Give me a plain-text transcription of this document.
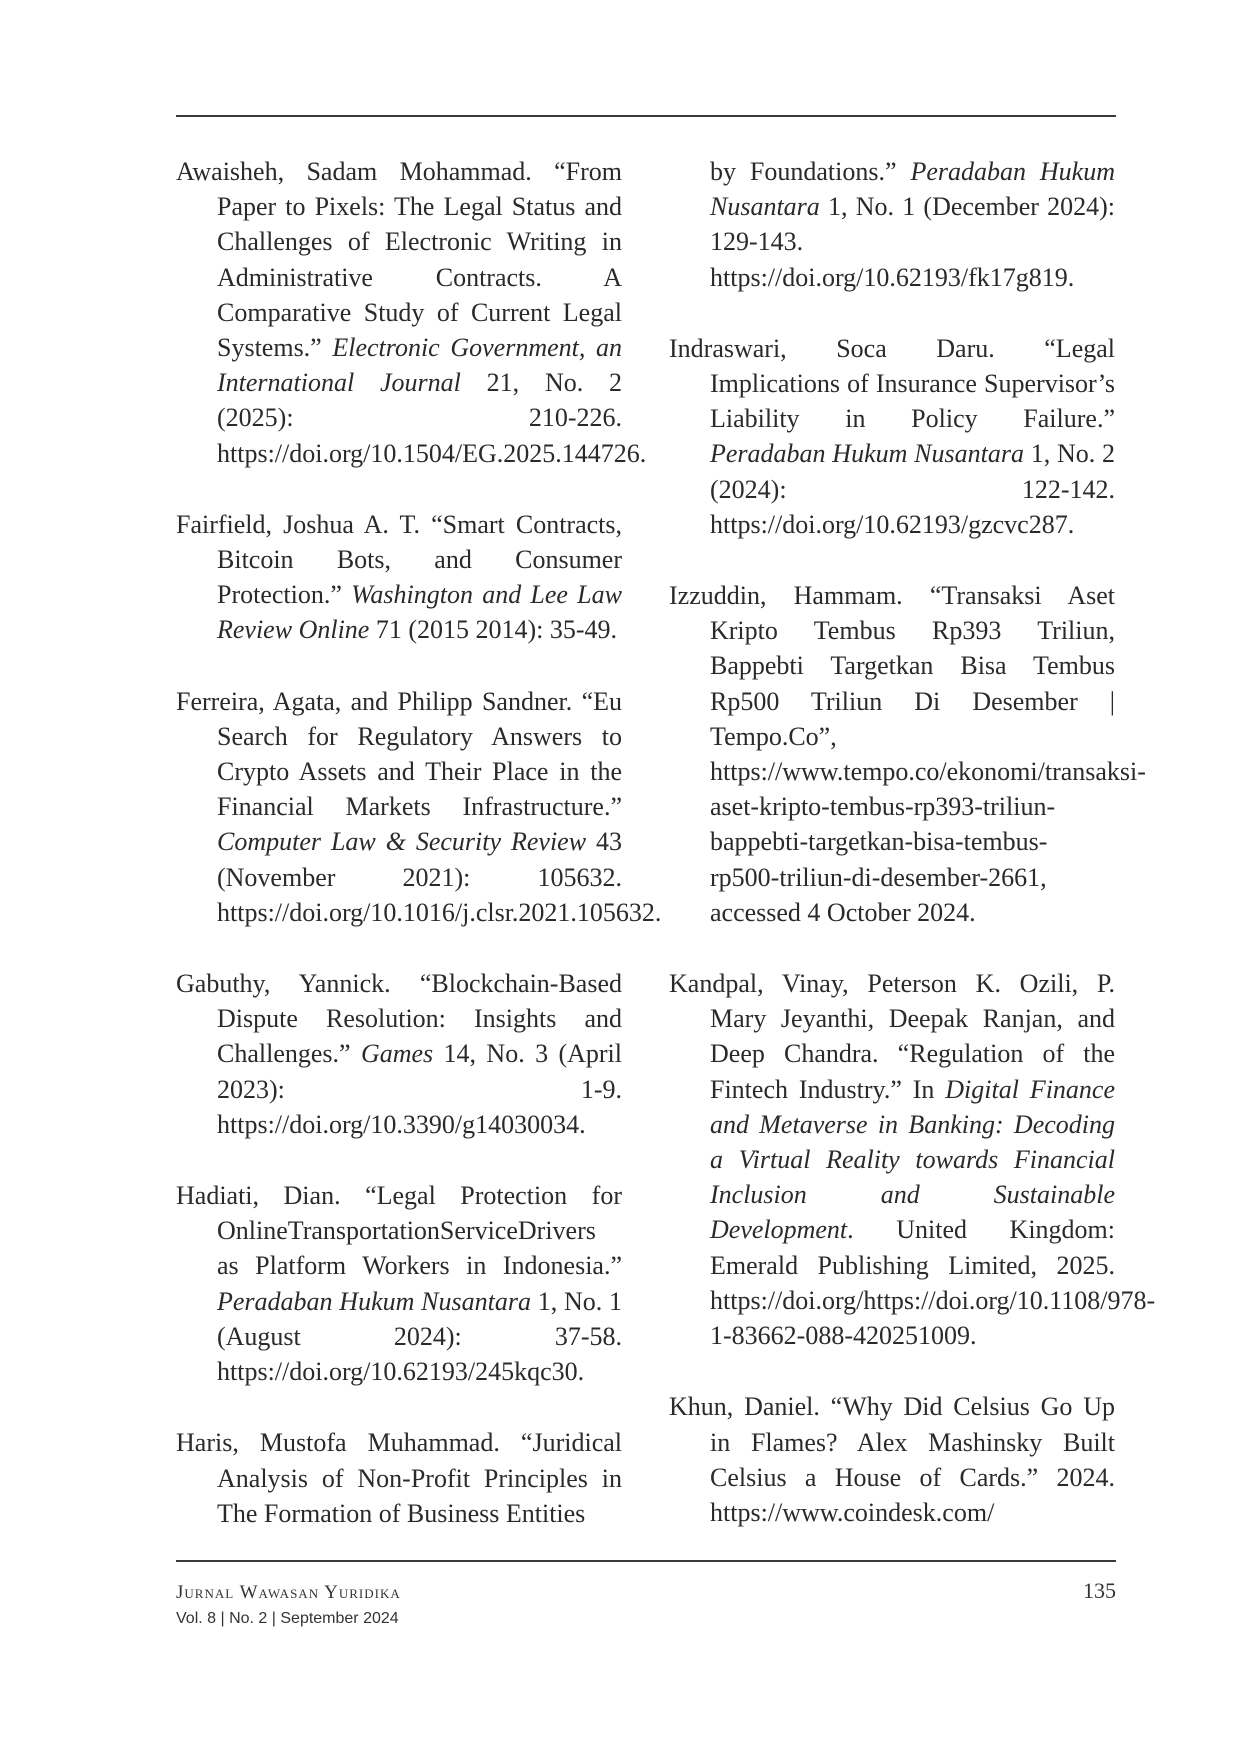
Awaisheh, Sadam Mohammad. “From Paper to Pixels: The Legal Status and Challenges of Electronic Writing in Administrative Contracts. A Comparative Study of Current Legal Systems.” Electronic Government, an International Journal 21, No. 2 (2025): 210-226. https://doi.org/10.1504/EG.2025.144726.

Fairfield, Joshua A. T. “Smart Contracts, Bitcoin Bots, and Consumer Protection.” Washington and Lee Law Review Online 71 (2015 2014): 35-49.

Ferreira, Agata, and Philipp Sandner. “Eu Search for Regulatory Answers to Crypto Assets and Their Place in the Financial Markets Infrastructure.” Computer Law & Security Review 43 (November 2021): 105632. https://doi.org/10.1016/j.clsr.2021.105632.

Gabuthy, Yannick. “Blockchain-Based Dispute Resolution: Insights and Challenges.” Games 14, No. 3 (April 2023): 1-9. https://doi.org/10.3390/g14030034.

Hadiati, Dian. “Legal Protection for OnlineTransportationServiceDrivers as Platform Workers in Indonesia.” Peradaban Hukum Nusantara 1, No. 1 (August 2024): 37-58. https://doi.org/10.62193/245kqc30.

Haris, Mustofa Muhammad. “Juridical Analysis of Non-Profit Principles in The Formation of Business Entities

by Foundations.” Peradaban Hukum Nusantara 1, No. 1 (December 2024): 129-143. https://doi.org/10.62193/fk17g819.

Indraswari, Soca Daru. “Legal Implications of Insurance Supervisor’s Liability in Policy Failure.” Peradaban Hukum Nusantara 1, No. 2 (2024): 122-142. https://doi.org/10.62193/gzcvc287.

Izzuddin, Hammam. “Transaksi Aset Kripto Tembus Rp393 Triliun, Bappebti Targetkan Bisa Tembus Rp500 Triliun Di Desember | Tempo.Co”, https://www.tempo.co/ekonomi/transaksi-aset-kripto-tembus-rp393-triliun-bappebti-targetkan-bisa-tembus-rp500-triliun-di-desember-2661, accessed 4 October 2024.

Kandpal, Vinay, Peterson K. Ozili, P. Mary Jeyanthi, Deepak Ranjan, and Deep Chandra. “Regulation of the Fintech Industry.” In Digital Finance and Metaverse in Banking: Decoding a Virtual Reality towards Financial Inclusion and Sustainable Development. United Kingdom: Emerald Publishing Limited, 2025. https://doi.org/https://doi.org/10.1108/978-1-83662-088-420251009.

Khun, Daniel. “Why Did Celsius Go Up in Flames? Alex Mashinsky Built Celsius a House of Cards.” 2024. https://www.coindesk.com/

Jurnal Wawasan Yuridika
Vol. 8 | No. 2 | September 2024
135
